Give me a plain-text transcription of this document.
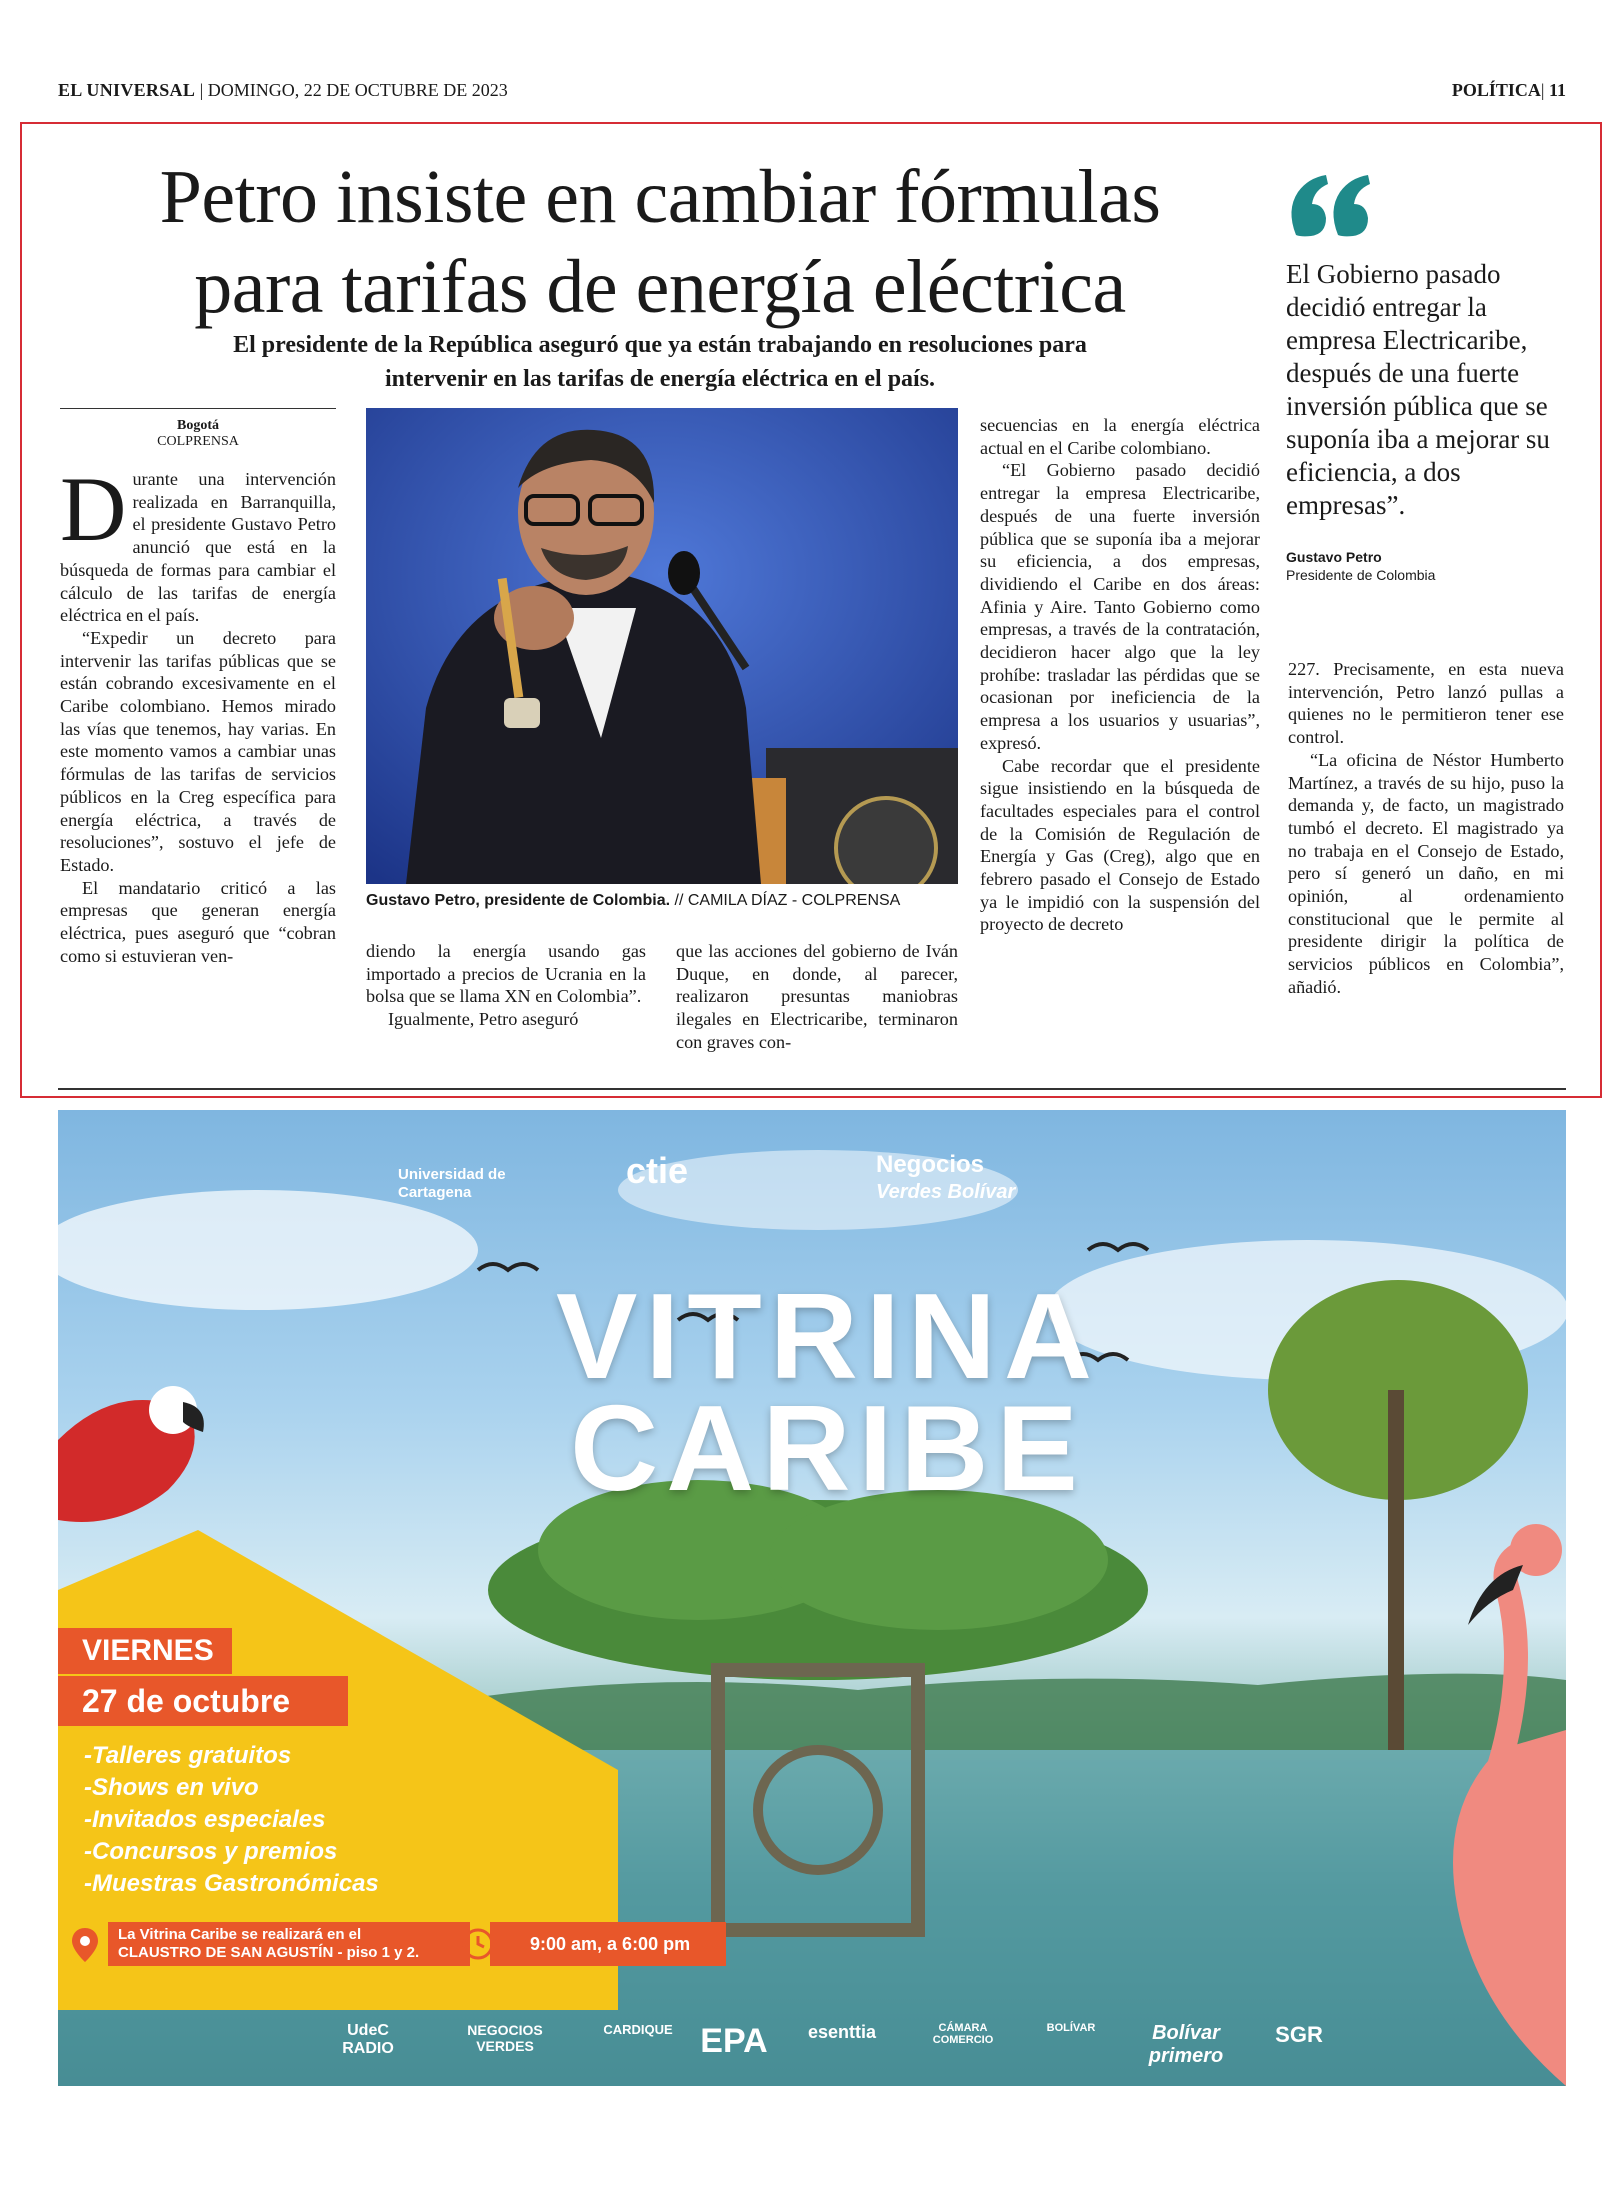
EL UNIVERSAL | DOMINGO, 22 DE OCTUBRE DE 2023	POLÍTICA| 11
Petro insiste en cambiar fórmulas
para tarifas de energía eléctrica
El presidente de la República aseguró que ya están trabajando en resoluciones para
intervenir en las tarifas de energía eléctrica en el país.
Bogotá
COLPRENSA

Durante una intervención realizada en Barranquilla, el presidente Gustavo Petro anunció que está en la búsqueda de formas para cambiar el cálculo de las tarifas de energía eléctrica en el país.

“Expedir un decreto para intervenir las tarifas públicas que se están cobrando excesivamente en el Caribe colombiano. Hemos mirado las vías que tenemos, hay varias. En este momento vamos a cambiar unas fórmulas de las tarifas de servicios públicos en la Creg específica para energía eléctrica, a través de resoluciones”, sostuvo el jefe de Estado.

El mandatario criticó a las empresas que generan energía eléctrica, pues aseguró que “cobran como si estuvieran ven-

Gustavo Petro, presidente de Colombia. // CAMILA DÍAZ - COLPRENSA

diendo la energía usando gas importado a precios de Ucrania en la bolsa que se llama XN en Colombia”.

Igualmente, Petro aseguró

que las acciones del gobierno de Iván Duque, en donde, al parecer, realizaron presuntas maniobras ilegales en Electricaribe, terminaron con graves con-

secuencias en la energía eléctrica actual en el Caribe colombiano.

“El Gobierno pasado decidió entregar la empresa Electricaribe, después de una fuerte inversión pública que se suponía iba a mejorar su eficiencia, a dos empresas, dividiendo el Caribe en dos áreas: Afinia y Aire. Tanto Gobierno como empresas, a través de la contratación, decidieron hacer algo que la ley prohíbe: trasladar las pérdidas que se ocasionan por ineficiencia de la empresa a los usuarios y usuarias”, expresó.

Cabe recordar que el presidente sigue insistiendo en la búsqueda de facultades especiales para el control de la Comisión de Regulación de Energía y Gas (Creg), algo que en febrero pasado el Consejo de Estado ya le impidió con la suspensión del proyecto de decreto

El Gobierno pasado decidió entregar la empresa Electricaribe, después de una fuerte inversión pública que se suponía iba a mejorar su eficiencia, a dos empresas”.
Gustavo Petro
Presidente de Colombia

227. Precisamente, en esta nueva intervención, Petro lanzó pullas a quienes no le permitieron tener ese control.

“La oficina de Néstor Humberto Martínez, a través de su hijo, puso la demanda y, de facto, un magistrado tumbó el decreto. El magistrado ya no trabaja en el Consejo de Estado, pero sí generó un daño, en mi opinión, al ordenamiento constitucional que le permite al presidente dirigir la política de servicios públicos en Colombia”, añadió.

Universidad de Cartagena
ctie	Negocios
Verdes Bolívar
VITRINA
CARIBE
VIERNES
27 de octubre
-Talleres gratuitos
-Shows en vivo
-Invitados especiales
-Concursos y premios
-Muestras Gastronómicas
La Vitrina Caribe se realizará en el
CLAUSTRO DE SAN AGUSTÍN - piso 1 y 2.	9:00 am, a 6:00 pm
UdeC RADIO
NEGOCIOS VERDES
CARDIQUE EPA	esenttia	CÁMARA COMERCIO
BOLÍVAR	Bolívar primero
SGR
